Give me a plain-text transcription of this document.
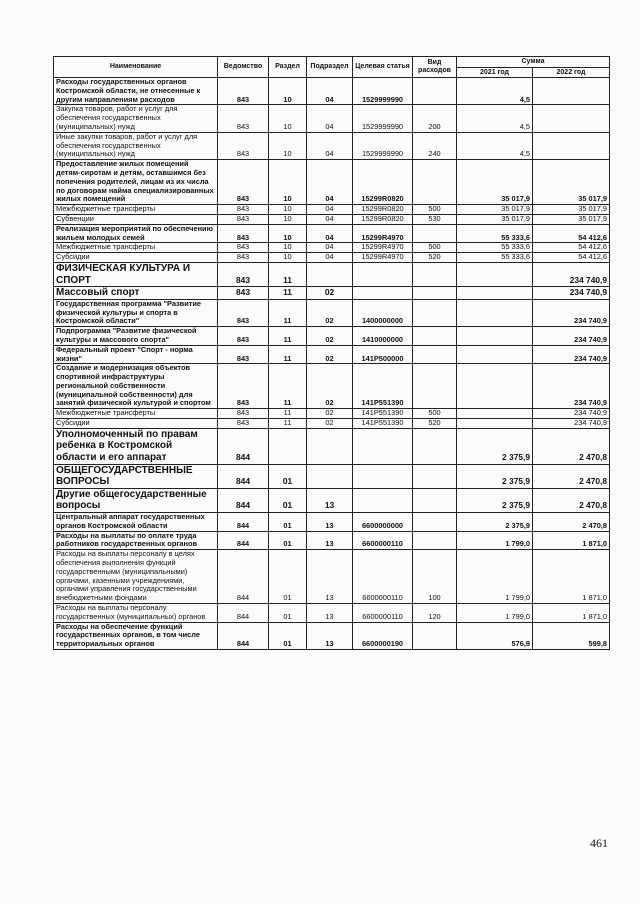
Наименование	Ведомство	Раздел	Подраздел	Целевая статья	Вид расходов	Сумма	
						2021 год	2022 год
Расходы государственных органов Костромской области, не отнесенные к другим направлениям расходов	843	10	04	1529999990		4,5	
Закупка товаров, работ и услуг для обеспечения государственных (муниципальных) нужд	843	10	04	1529999990	200	4,5	
Иные закупки товаров, работ и услуг для обеспечения государственных (муниципальных) нужд	843	10	04	1529999990	240	4,5	
Предоставление жилых помещений детям-сиротам и детям, оставшимся без попечения родителей, лицам из их числа по договорам найма специализированных жилых помещений	843	10	04	15299R0820		35 017,9	35 017,9
Межбюджетные трансферты	843	10	04	15299R0820	500	35 017,9	35 017,9
Субвенции	843	10	04	15299R0820	530	35 017,9	35 017,9
Реализация мероприятий по обеспечению жильем молодых семей	843	10	04	15299R4970		55 333,6	54 412,6
Межбюджетные трансферты	843	10	04	15299R4970	500	55 333,6	54 412,6
Субсидии	843	10	04	15299R4970	520	55 333,6	54 412,6
ФИЗИЧЕСКАЯ КУЛЬТУРА И СПОРТ	843	11					234 740,9
Массовый спорт	843	11	02				234 740,9
Государственная программа "Развитие физической культуры и спорта в Костромской области"	843	11	02	1400000000			234 740,9
Подпрограмма "Развитие физической культуры и массового спорта"	843	11	02	1410000000			234 740,9
Федеральный проект "Спорт - норма жизни"	843	11	02	141P500000			234 740,9
Создание и модернизация объектов спортивной инфраструктуры региональной собственности (муниципальной собственности) для занятий физической культурой и спортом	843	11	02	141P551390			234 740,9
Межбюджетные трансферты	843	11	02	141P551390	500		234 740,9
Субсидии	843	11	02	141P551390	520		234 740,9
Уполномоченный по правам ребенка в Костромской области и его аппарат	844					2 375,9	2 470,8
ОБЩЕГОСУДАРСТВЕННЫЕ ВОПРОСЫ	844	01				2 375,9	2 470,8
Другие общегосударственные вопросы	844	01	13			2 375,9	2 470,8
Центральный аппарат государственных органов Костромской области	844	01	13	6600000000		2 375,9	2 470,8
Расходы на выплаты по оплате труда работников государственных органов	844	01	13	6600000110		1 799,0	1 871,0
Расходы на выплаты персоналу в целях обеспечения выполнения функций государственными (муниципальными) органами, казенными учреждениями, органами управления государственными внебюджетными фондами	844	01	13	6600000110	100	1 799,0	1 871,0
Расходы на выплаты персоналу государственных (муниципальных) органов	844	01	13	6600000110	120	1 799,0	1 871,0
Расходы на обеспечение функций государственных органов, в том числе территориальных органов	844	01	13	6600000190		576,9	599,8
461
